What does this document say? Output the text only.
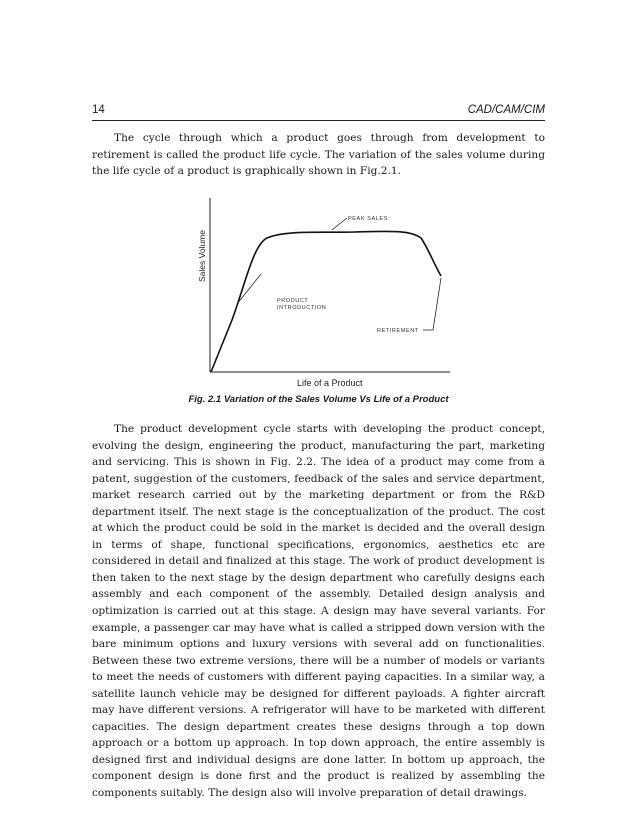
14	CAD/CAM/CIM

The cycle through which a product goes through from development to retirement is called the product life cycle. The variation of the sales volume during the life cycle of a product is graphically shown in Fig.2.1.

PEAK SALES
PRODUCT
INTRODUCTION
RETIREMENT
Life of a Product
Sales Volume
Fig. 2.1 Variation of the Sales Volume Vs Life of a Product

The product development cycle starts with developing the product concept, evolving the design, engineering the product, manufacturing the part, marketing and servicing. This is shown in Fig. 2.2. The idea of a product may come from a patent, suggestion of the customers, feedback of the sales and service department, market research carried out by the marketing department or from the R&D department itself. The next stage is the conceptualization of the product. The cost at which the product could be sold in the market is decided and the overall design in terms of shape, functional specifications, ergonomics, aesthetics etc are considered in detail and finalized at this stage. The work of product development is then taken to the next stage by the design department who carefully designs each assembly and each component of the assembly. Detailed design analysis and optimization is carried out at this stage. A design may have several variants. For example, a passenger car may have what is called a stripped down version with the bare minimum options and luxury versions with several add on functionalities. Between these two extreme versions, there will be a number of models or variants to meet the needs of customers with different paying capacities. In a similar way, a satellite launch vehicle may be designed for different payloads. A fighter aircraft may have different versions. A refrigerator will have to be marketed with different capacities. The design department creates these designs through a top down approach or a bottom up approach. In top down approach, the entire assembly is designed first and individual designs are done latter. In bottom up approach, the component design is done first and the product is realized by assembling the components suitably. The design also will involve preparation of detail drawings.
